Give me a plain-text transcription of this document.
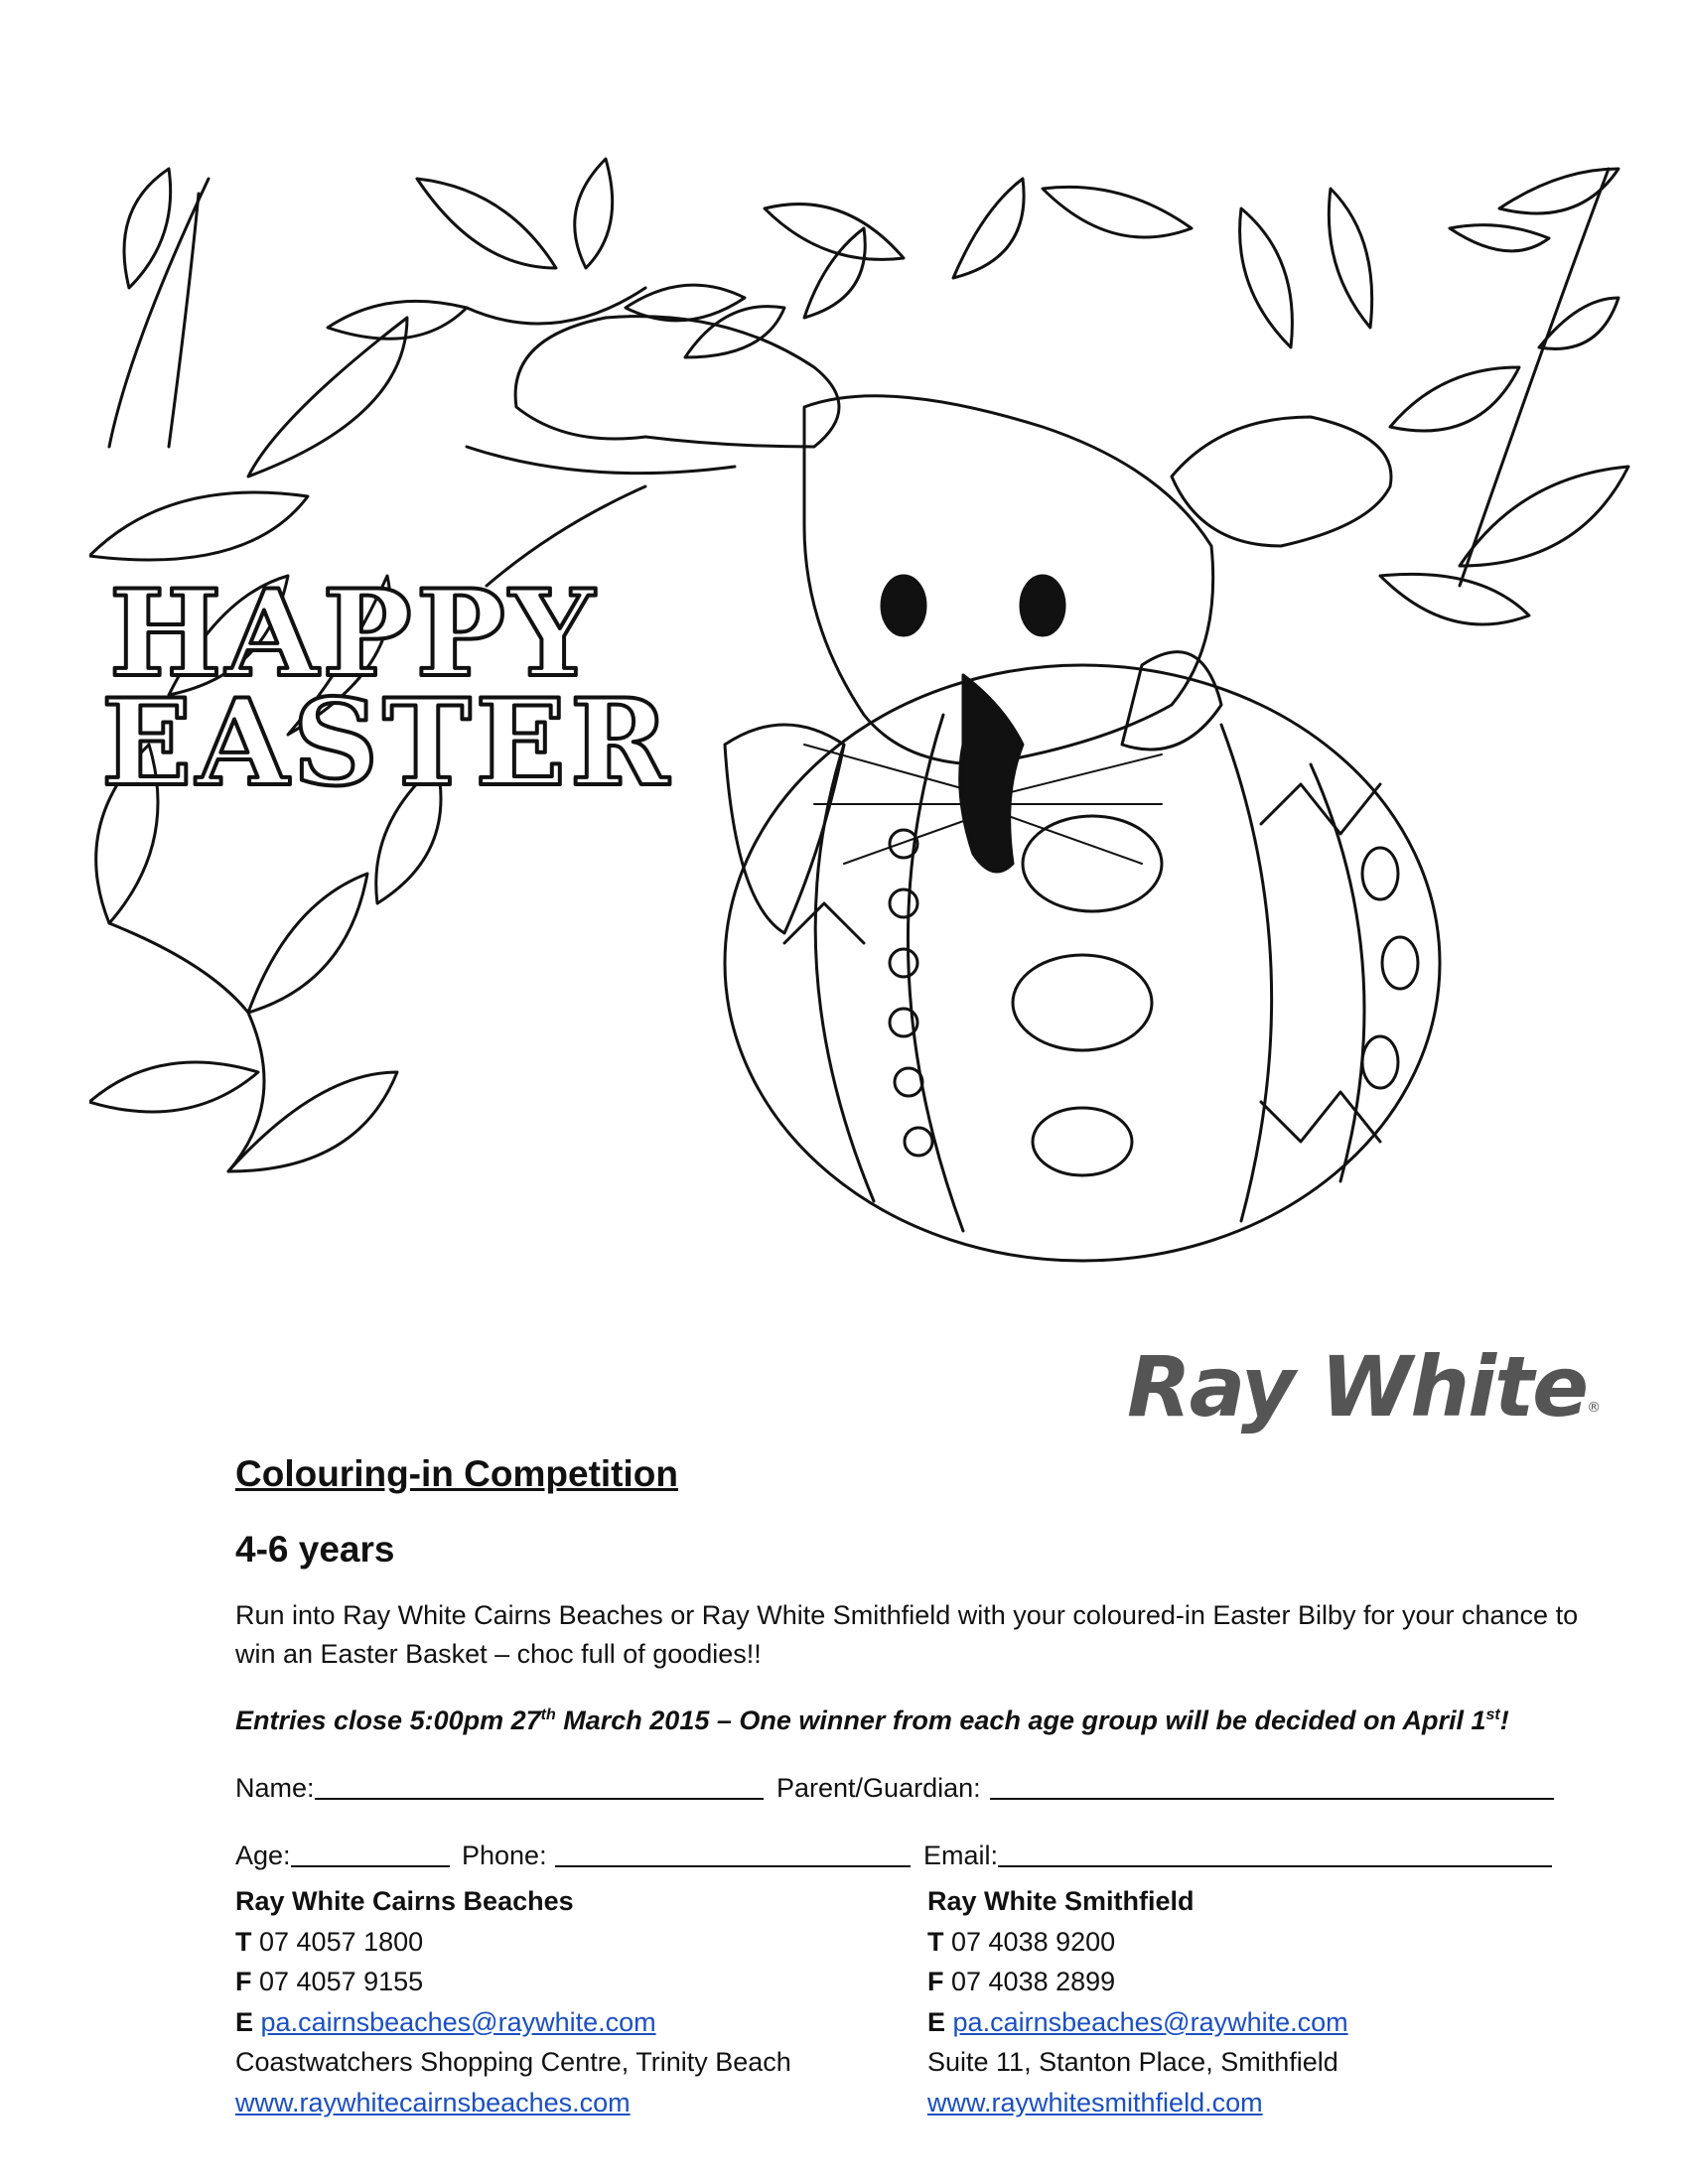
HAPPY
EASTER
Ray White®
Colouring-in Competition
4-6 years
Run into Ray White Cairns Beaches or Ray White Smithfield with your coloured-in Easter Bilby for your chance to win an Easter Basket – choc full of goodies!!
Entries close 5:00pm 27th March 2015 – One winner from each age group will be decided on April 1st!
Name:	Parent/Guardian:
Age:	Phone:	Email:
Ray White Cairns Beaches
T 07 4057 1800
F 07 4057 9155
E pa.cairnsbeaches@raywhite.com
Coastwatchers Shopping Centre, Trinity Beach
www.raywhitecairnsbeaches.com
Ray White Smithfield
T 07 4038 9200
F 07 4038 2899
E pa.cairnsbeaches@raywhite.com
Suite 11, Stanton Place, Smithfield
www.raywhitesmithfield.com
